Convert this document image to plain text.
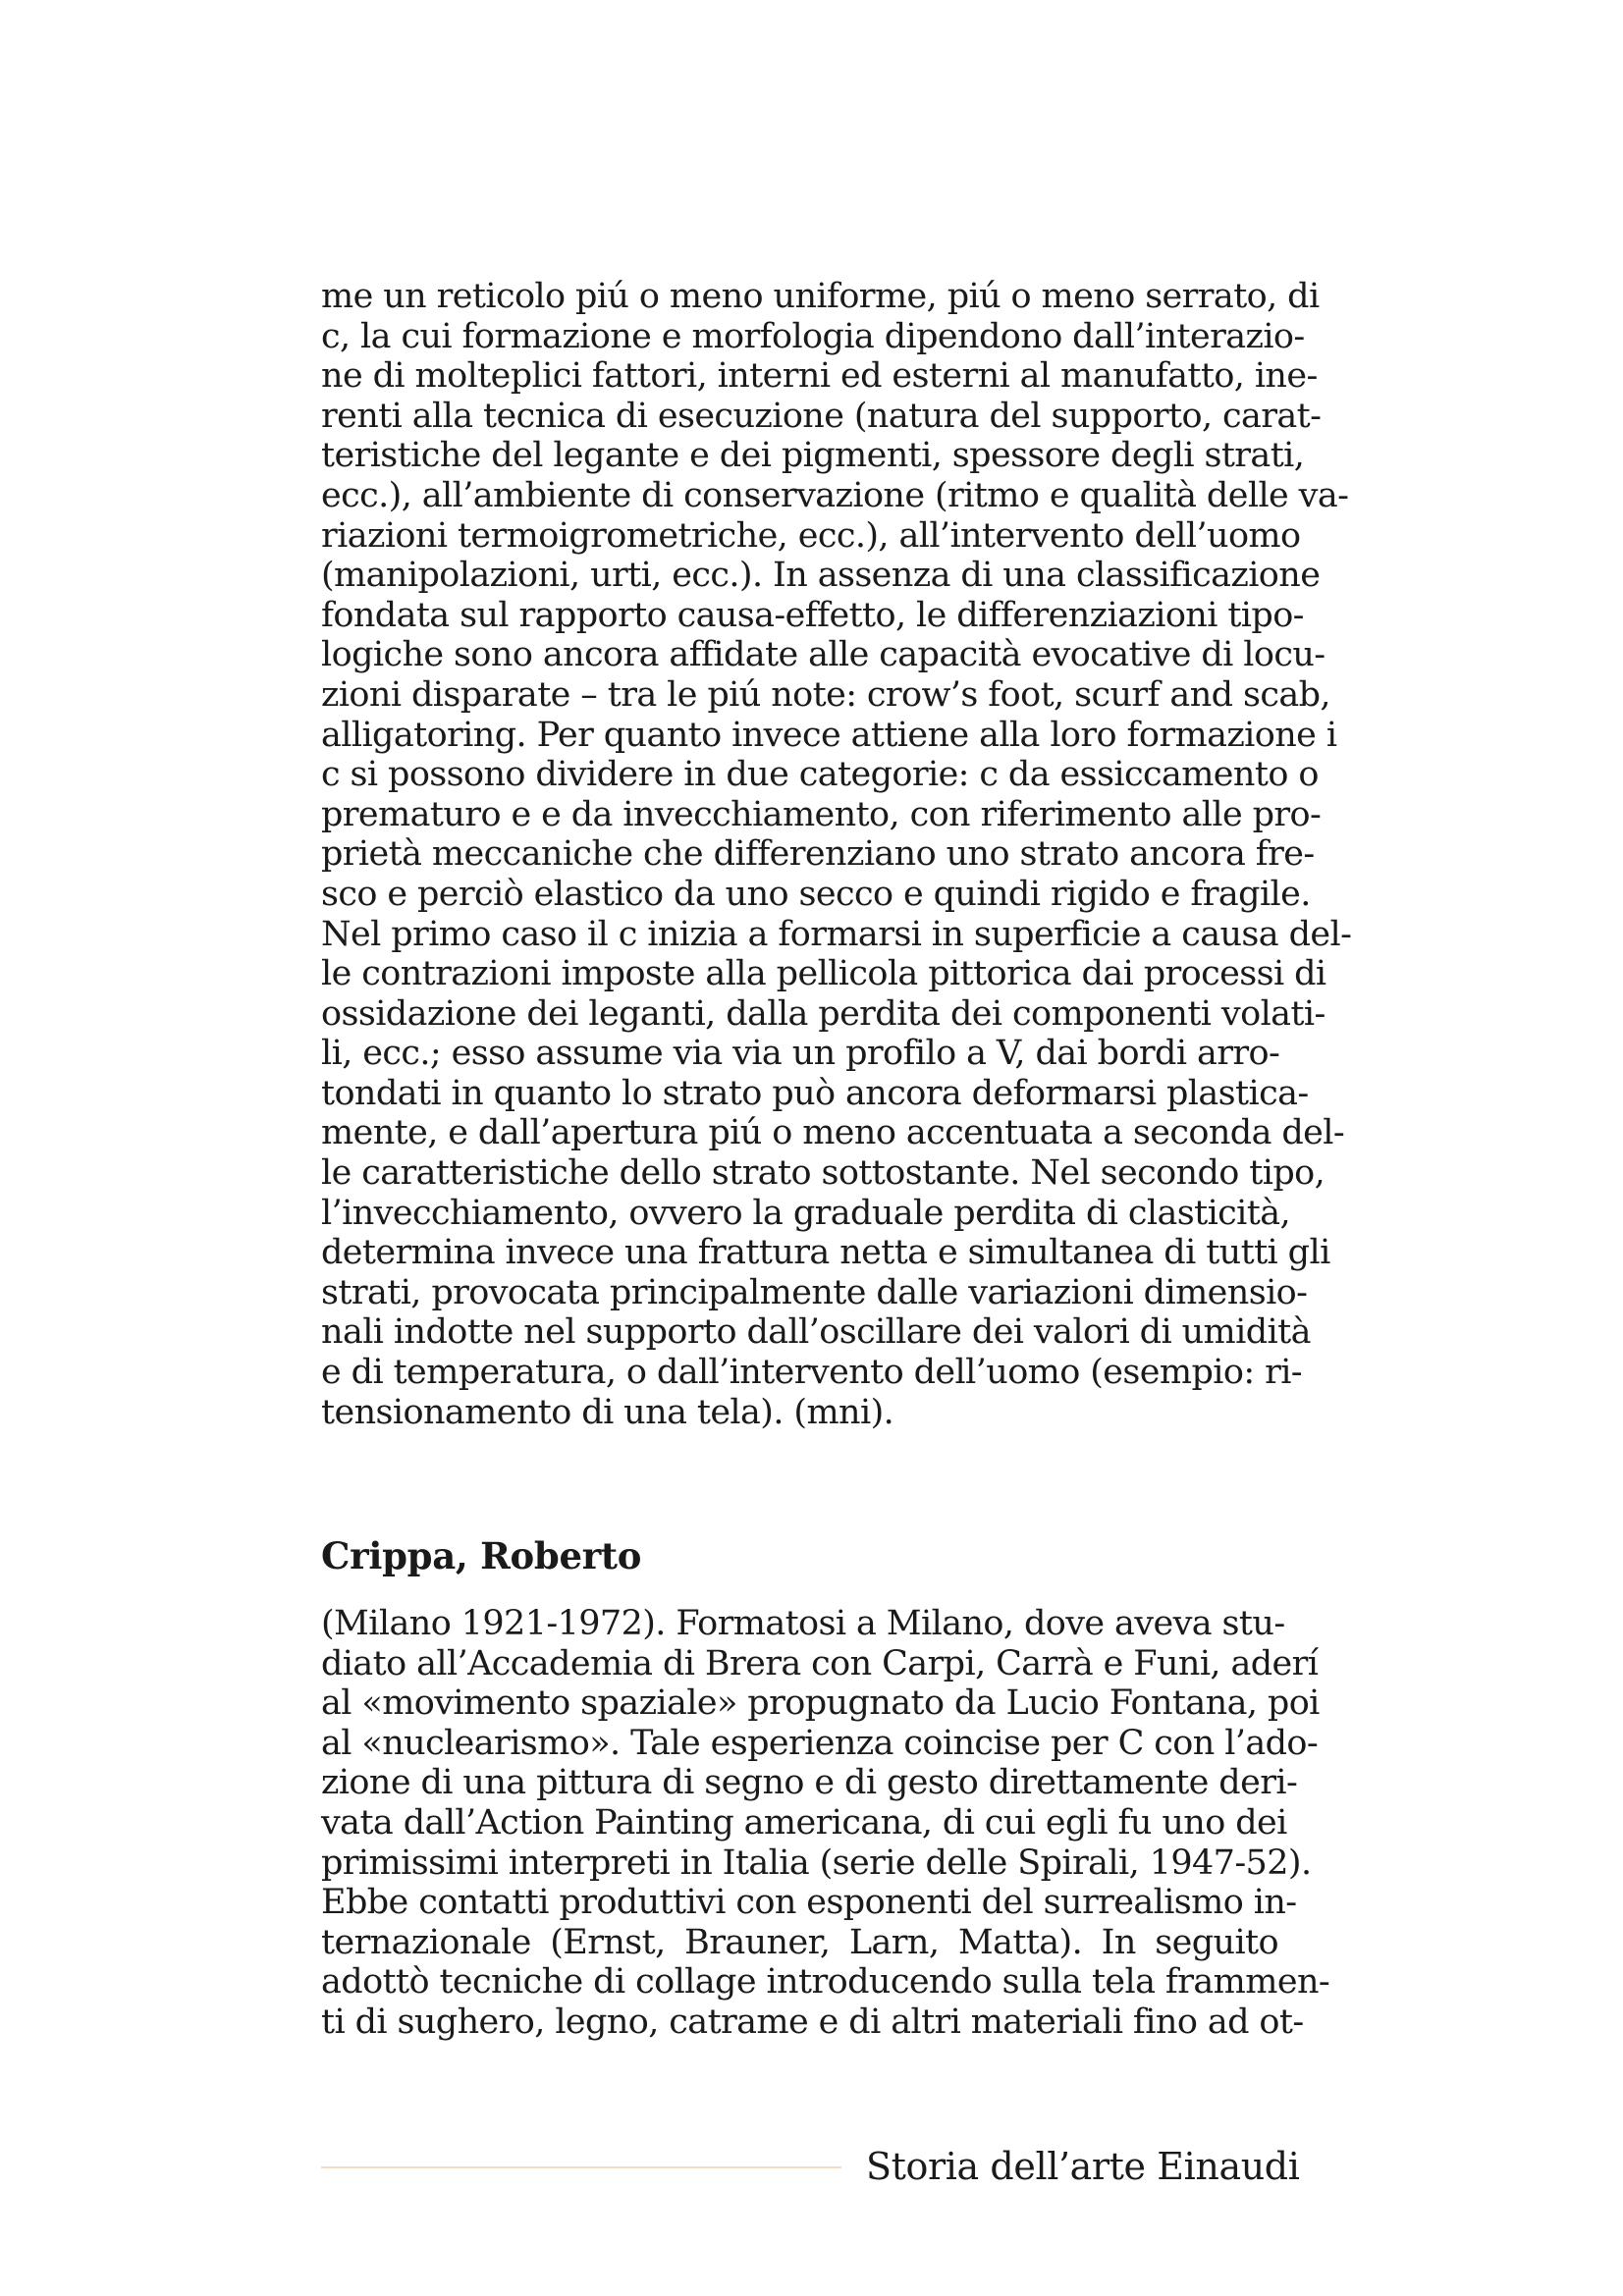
me un reticolo piú o meno uniforme, piú o meno serrato, di
c, la cui formazione e morfologia dipendono dall’interazio-
ne di molteplici fattori, interni ed esterni al manufatto, ine-
renti alla tecnica di esecuzione (natura del supporto, carat-
teristiche del legante e dei pigmenti, spessore degli strati,
ecc.), all’ambiente di conservazione (ritmo e qualità delle va-
riazioni termoigrometriche, ecc.), all’intervento dell’uomo
(manipolazioni, urti, ecc.). In assenza di una classificazione
fondata sul rapporto causa-effetto, le differenziazioni tipo-
logiche sono ancora affidate alle capacità evocative di locu-
zioni disparate – tra le piú note: crow’s foot, scurf and scab,
alligatoring. Per quanto invece attiene alla loro formazione i
c si possono dividere in due categorie: c da essiccamento o
prematuro e e da invecchiamento, con riferimento alle pro-
prietà meccaniche che differenziano uno strato ancora fre-
sco e perciò elastico da uno secco e quindi rigido e fragile.
Nel primo caso il c inizia a formarsi in superficie a causa del-
le contrazioni imposte alla pellicola pittorica dai processi di
ossidazione dei leganti, dalla perdita dei componenti volati-
li, ecc.; esso assume via via un profilo a V, dai bordi arro-
tondati in quanto lo strato può ancora deformarsi plastica-
mente, e dall’apertura piú o meno accentuata a seconda del-
le caratteristiche dello strato sottostante. Nel secondo tipo,
l’invecchiamento, ovvero la graduale perdita di clasticità,
determina invece una frattura netta e simultanea di tutti gli
strati, provocata principalmente dalle variazioni dimensio-
nali indotte nel supporto dall’oscillare dei valori di umidità
e di temperatura, o dall’intervento dell’uomo (esempio: ri-
tensionamento di una tela). (mni).
Crippa, Roberto
(Milano 1921-1972). Formatosi a Milano, dove aveva stu-
diato all’Accademia di Brera con Carpi, Carrà e Funi, aderí
al «movimento spaziale» propugnato da Lucio Fontana, poi
al «nuclearismo». Tale esperienza coincise per C con l’ado-
zione di una pittura di segno e di gesto direttamente deri-
vata dall’Action Painting americana, di cui egli fu uno dei
primissimi interpreti in Italia (serie delle Spirali, 1947-52).
Ebbe contatti produttivi con esponenti del surrealismo in-
ternazionale (Ernst, Brauner, Larn, Matta). In seguito
adottò tecniche di collage introducendo sulla tela frammen-
ti di sughero, legno, catrame e di altri materiali fino ad ot-
Storia dell’arte Einaudi
